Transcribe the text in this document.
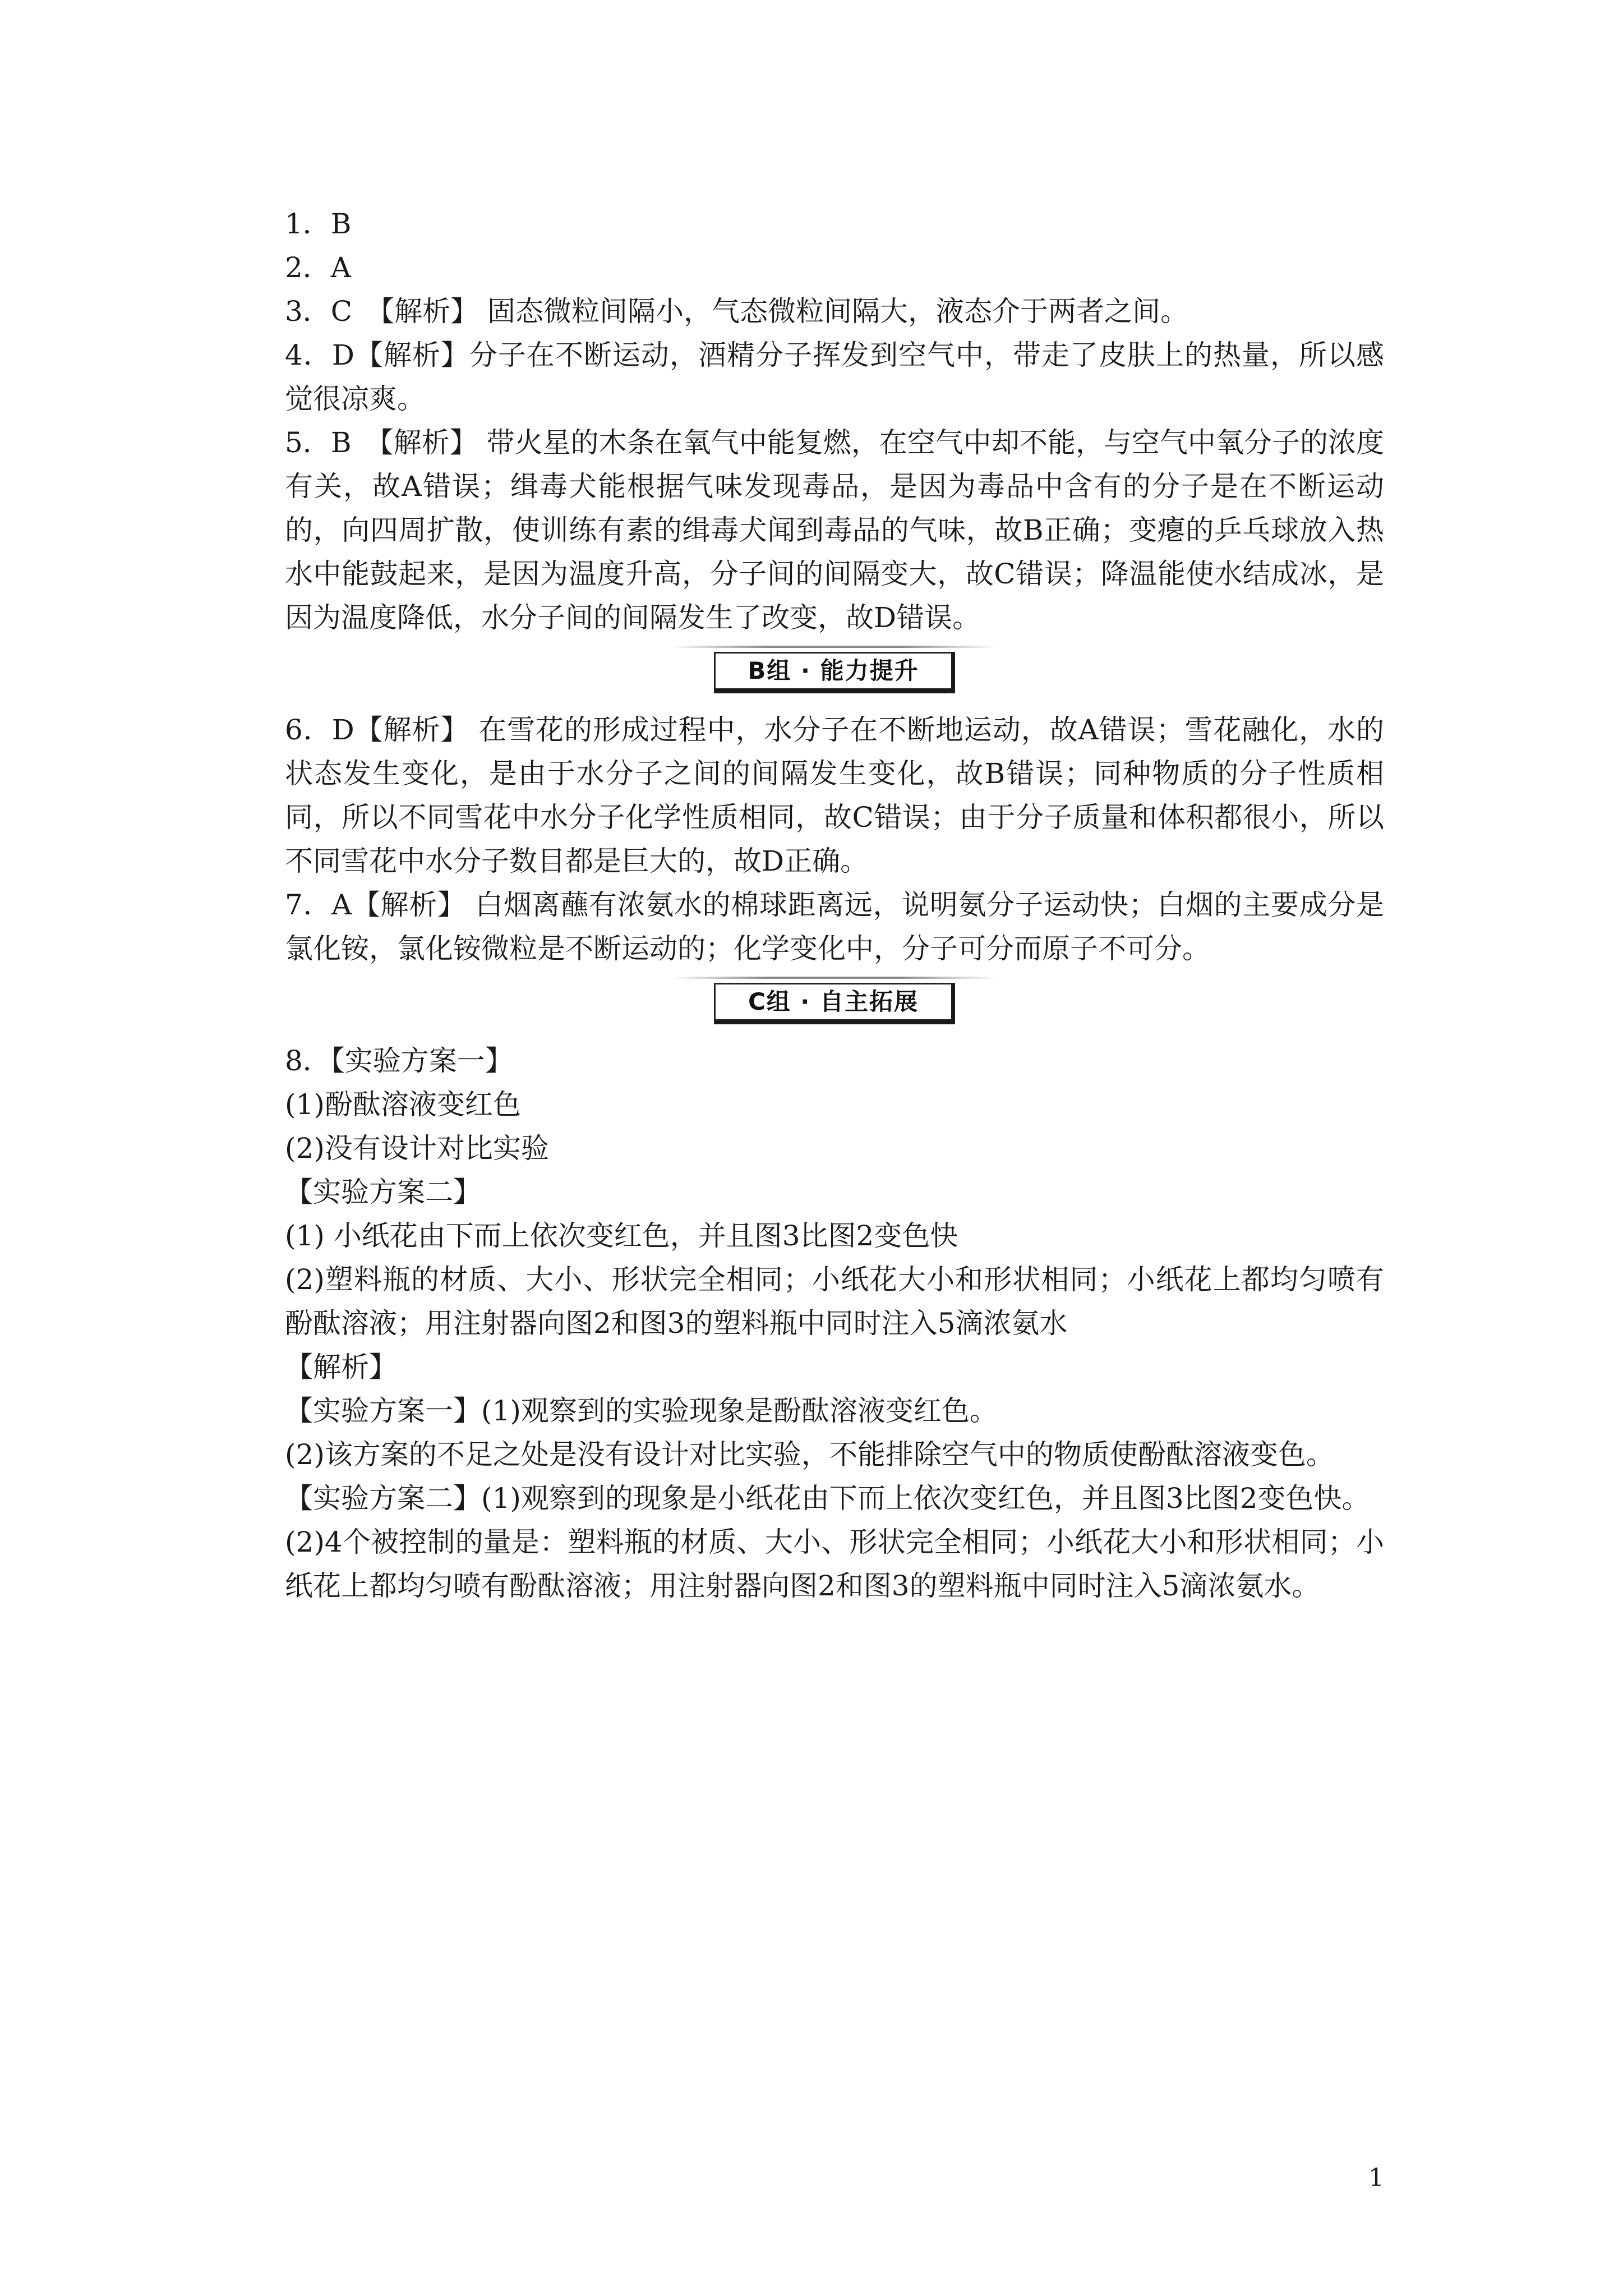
1．B

2．A

3．C　【解析】 固态微粒间隔小，气态微粒间隔大，液态介于两者之间。

4．D【解析】分子在不断运动，酒精分子挥发到空气中，带走了皮肤上的热量，所以感觉很凉爽。

5．B　【解析】 带火星的木条在氧气中能复燃，在空气中却不能，与空气中氧分子的浓度有关，故A错误；缉毒犬能根据气味发现毒品，是因为毒品中含有的分子是在不断运动的，向四周扩散，使训练有素的缉毒犬闻到毒品的气味，故B正确；变瘪的乒乓球放入热水中能鼓起来，是因为温度升高，分子间的间隔变大，故C错误；降温能使水结成冰，是因为温度降低，水分子间的间隔发生了改变，故D错误。

B组 · 能力提升

6．D【解析】 在雪花的形成过程中，水分子在不断地运动，故A错误；雪花融化，水的状态发生变化，是由于水分子之间的间隔发生变化，故B错误；同种物质的分子性质相同，所以不同雪花中水分子化学性质相同，故C错误；由于分子质量和体积都很小，所以不同雪花中水分子数目都是巨大的，故D正确。

7．A【解析】 白烟离蘸有浓氨水的棉球距离远，说明氨分子运动快；白烟的主要成分是氯化铵，氯化铵微粒是不断运动的；化学变化中，分子可分而原子不可分。

C组 · 自主拓展

8．【实验方案一】

(1)酚酞溶液变红色

(2)没有设计对比实验

【实验方案二】

(1) 小纸花由下而上依次变红色，并且图3比图2变色快

(2)塑料瓶的材质、大小、形状完全相同；小纸花大小和形状相同；小纸花上都均匀喷有酚酞溶液；用注射器向图2和图3的塑料瓶中同时注入5滴浓氨水

【解析】

【实验方案一】(1)观察到的实验现象是酚酞溶液变红色。

(2)该方案的不足之处是没有设计对比实验，不能排除空气中的物质使酚酞溶液变色。

【实验方案二】(1)观察到的现象是小纸花由下而上依次变红色，并且图3比图2变色快。

(2)4个被控制的量是：塑料瓶的材质、大小、形状完全相同；小纸花大小和形状相同；小纸花上都均匀喷有酚酞溶液；用注射器向图2和图3的塑料瓶中同时注入5滴浓氨水。

1
